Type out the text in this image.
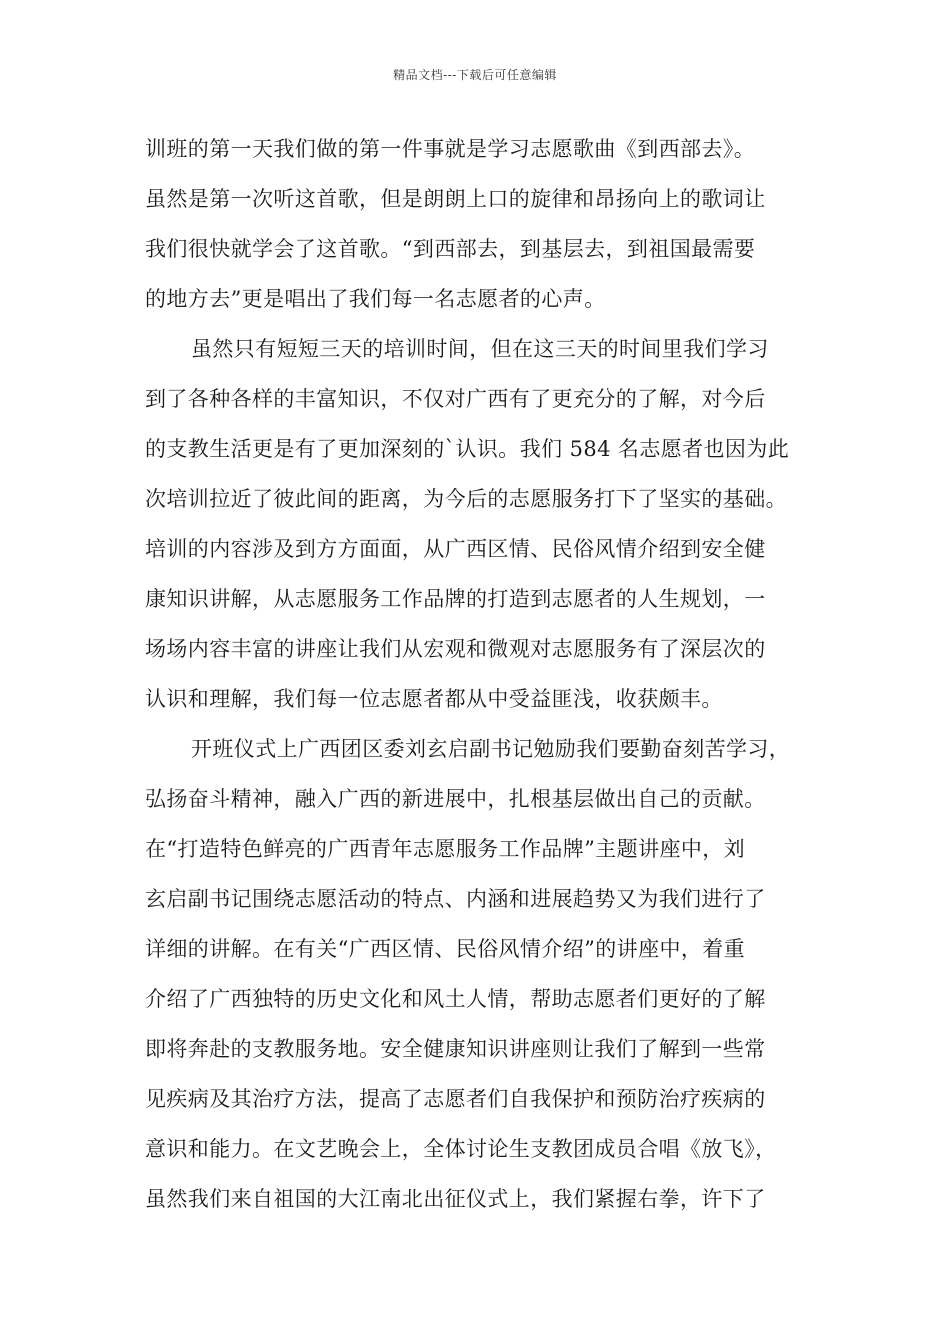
精品文档---下载后可任意编辑
训班的第一天我们做的第一件事就是学习志愿歌曲《到西部去》。
虽然是第一次听这首歌，但是朗朗上口的旋律和昂扬向上的歌词让
我们很快就学会了这首歌。“到西部去，到基层去，到祖国最需要
的地方去”更是唱出了我们每一名志愿者的心声。
虽然只有短短三天的培训时间，但在这三天的时间里我们学习
到了各种各样的丰富知识，不仅对广西有了更充分的了解，对今后
的支教生活更是有了更加深刻的`认识。我们 584 名志愿者也因为此
次培训拉近了彼此间的距离，为今后的志愿服务打下了坚实的基础。
培训的内容涉及到方方面面，从广西区情、民俗风情介绍到安全健
康知识讲解，从志愿服务工作品牌的打造到志愿者的人生规划，一
场场内容丰富的讲座让我们从宏观和微观对志愿服务有了深层次的
认识和理解，我们每一位志愿者都从中受益匪浅，收获颇丰。
开班仪式上广西团区委刘玄启副书记勉励我们要勤奋刻苦学习，
弘扬奋斗精神，融入广西的新进展中，扎根基层做出自己的贡献。
在“打造特色鲜亮的广西青年志愿服务工作品牌”主题讲座中，刘
玄启副书记围绕志愿活动的特点、内涵和进展趋势又为我们进行了
详细的讲解。在有关“广西区情、民俗风情介绍”的讲座中，着重
介绍了广西独特的历史文化和风土人情，帮助志愿者们更好的了解
即将奔赴的支教服务地。安全健康知识讲座则让我们了解到一些常
见疾病及其治疗方法，提高了志愿者们自我保护和预防治疗疾病的
意识和能力。在文艺晚会上，全体讨论生支教团成员合唱《放飞》，
虽然我们来自祖国的大江南北出征仪式上，我们紧握右拳，许下了
